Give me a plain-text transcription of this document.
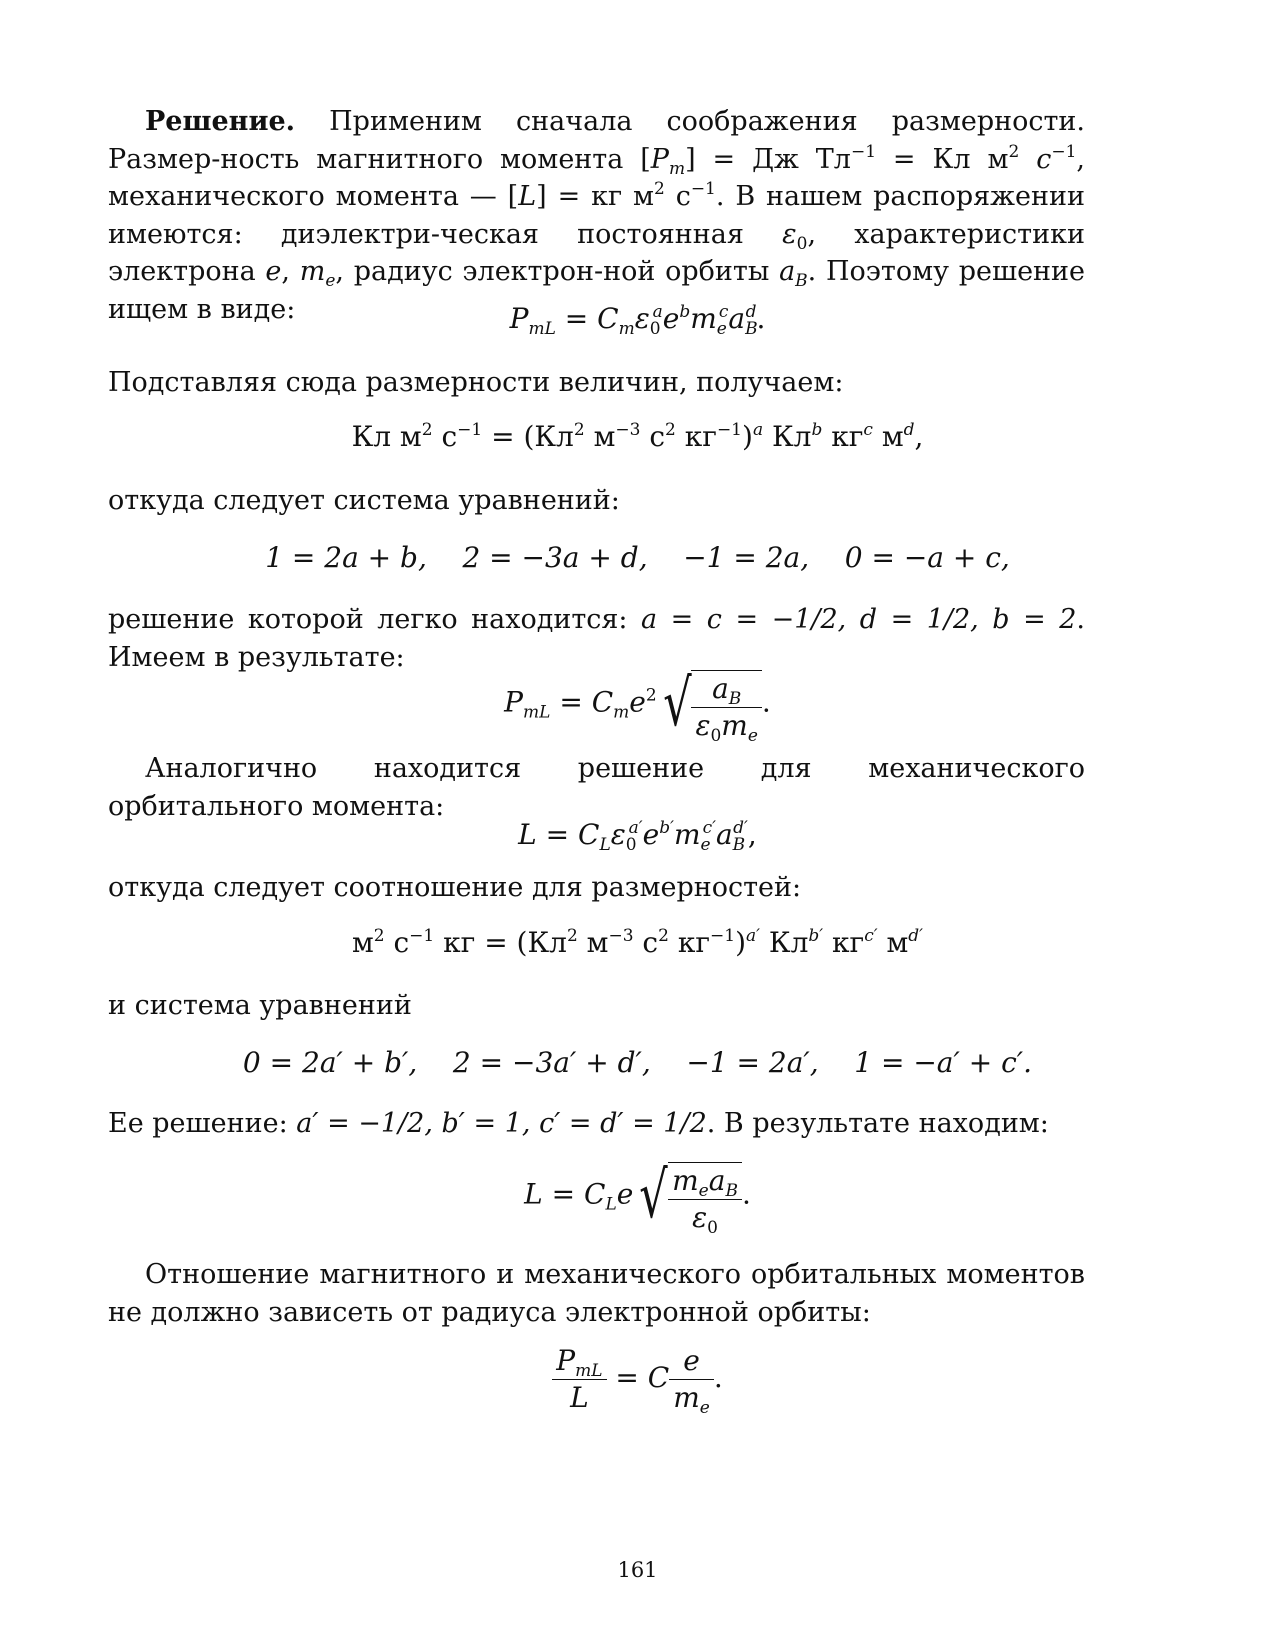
Решение. Применим сначала соображения размерности. Размер-ность магнитного момента $[P_m]$ = Дж $Тл^{-1}$ = Кл $м^2$ $c^{-1}$, механического момента — [L] = кг $м^2$ $с^{-1}$. В нашем распоряжении имеются: диэлектри-ческая постоянная $\varepsilon_0$, характеристики электрона e, $m_e$, радиус электрон-ной орбиты $a_B$. Поэтому решение ищем в виде:	$P_{mL} = C_m\varepsilon_0^ae^bm_e^ca_B^d$.
Подставляя сюда размерности величин, получаем:
Кл $м^2$ $с^{-1} = (Кл^2$ $м^{-3}$ $с^2$ $кг^{-1})^a$ $Кл^b$ $кг^c$ $м^d$,
откуда следует система уравнений:
1 = 2a + b,    2 = −3a + d,    −1 = 2a,    0 = −a + c,
решение которой легко находится: a = c = −1/2, d = 1/2, b = 2. Имеем в результате:
$P_{mL} = C_me^2√ \frac{a_B}{\varepsilon_0m_e}$ .
Аналогично находится решение для механического орбитального момента:
$L = C_L\varepsilon_0^{a'}e^{b'}m_e^{c'}a_B^{d'}$,
откуда следует соотношение для размерностей:
$м^2$ $с^{-1}$ кг = ($Кл^2$ $м^{-3}$ $с^2$ $кг^{-1})^{a'}$ $Кл^{b'}$ $кг^{c'}$ $м^{d'}$
и система уравнений
0 = 2a′ + b′,    2 = −3a′ + d′,    −1 = 2a′,    1 = −a′ + c′.
Ее решение: a′ = −1/2, b′ = 1, c′ = d′ = 1/2. В результате находим:
$L = C_Le√ \frac{m_ea_B}{\varepsilon_0}$ .
Отношение магнитного и механического орбитальных моментов не должно зависеть от радиуса электронной орбиты:
$\frac{P_{mL}}{L} = C \frac{e}{m_e}$ .
161
